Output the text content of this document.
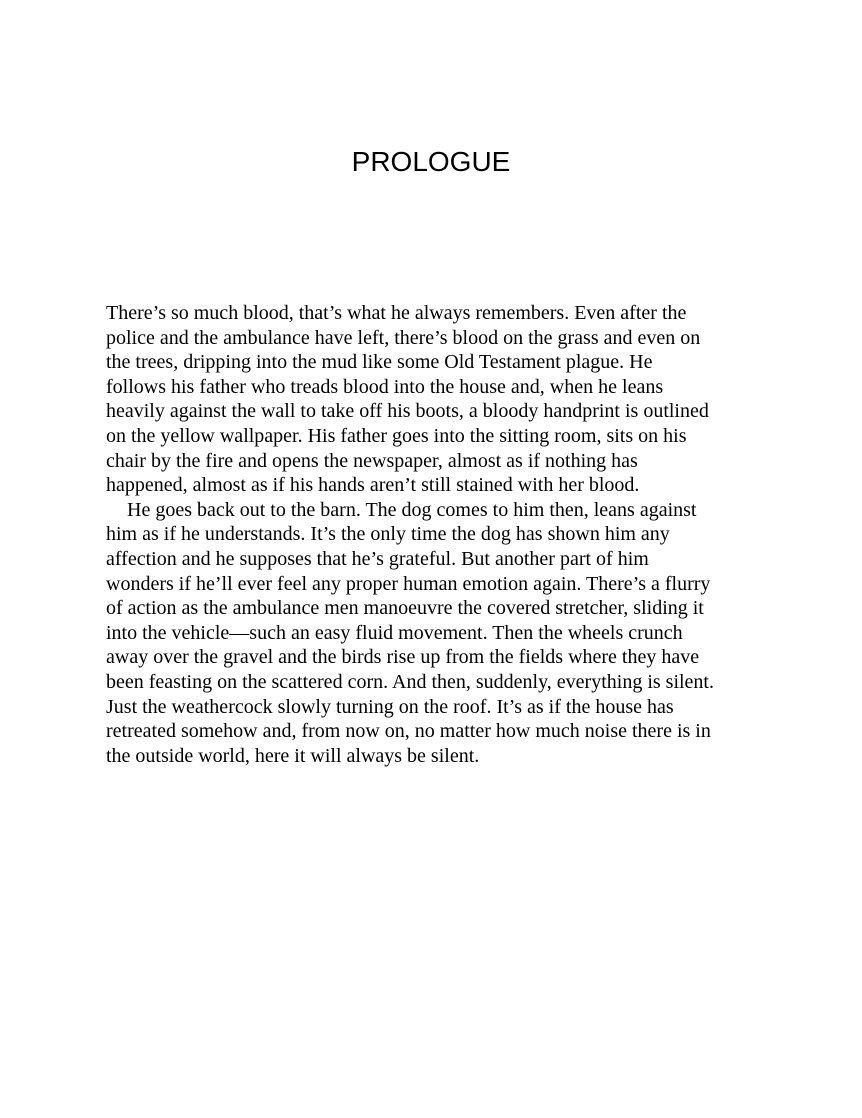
PROLOGUE

There’s so much blood, that’s what he always remembers. Even after the
police and the ambulance have left, there’s blood on the grass and even on
the trees, dripping into the mud like some Old Testament plague. He
follows his father who treads blood into the house and, when he leans
heavily against the wall to take off his boots, a bloody handprint is outlined
on the yellow wallpaper. His father goes into the sitting room, sits on his
chair by the fire and opens the newspaper, almost as if nothing has
happened, almost as if his hands aren’t still stained with her blood.

He goes back out to the barn. The dog comes to him then, leans against
him as if he understands. It’s the only time the dog has shown him any
affection and he supposes that he’s grateful. But another part of him
wonders if he’ll ever feel any proper human emotion again. There’s a flurry
of action as the ambulance men manoeuvre the covered stretcher, sliding it
into the vehicle—such an easy fluid movement. Then the wheels crunch
away over the gravel and the birds rise up from the fields where they have
been feasting on the scattered corn. And then, suddenly, everything is silent.
Just the weathercock slowly turning on the roof. It’s as if the house has
retreated somehow and, from now on, no matter how much noise there is in
the outside world, here it will always be silent.
